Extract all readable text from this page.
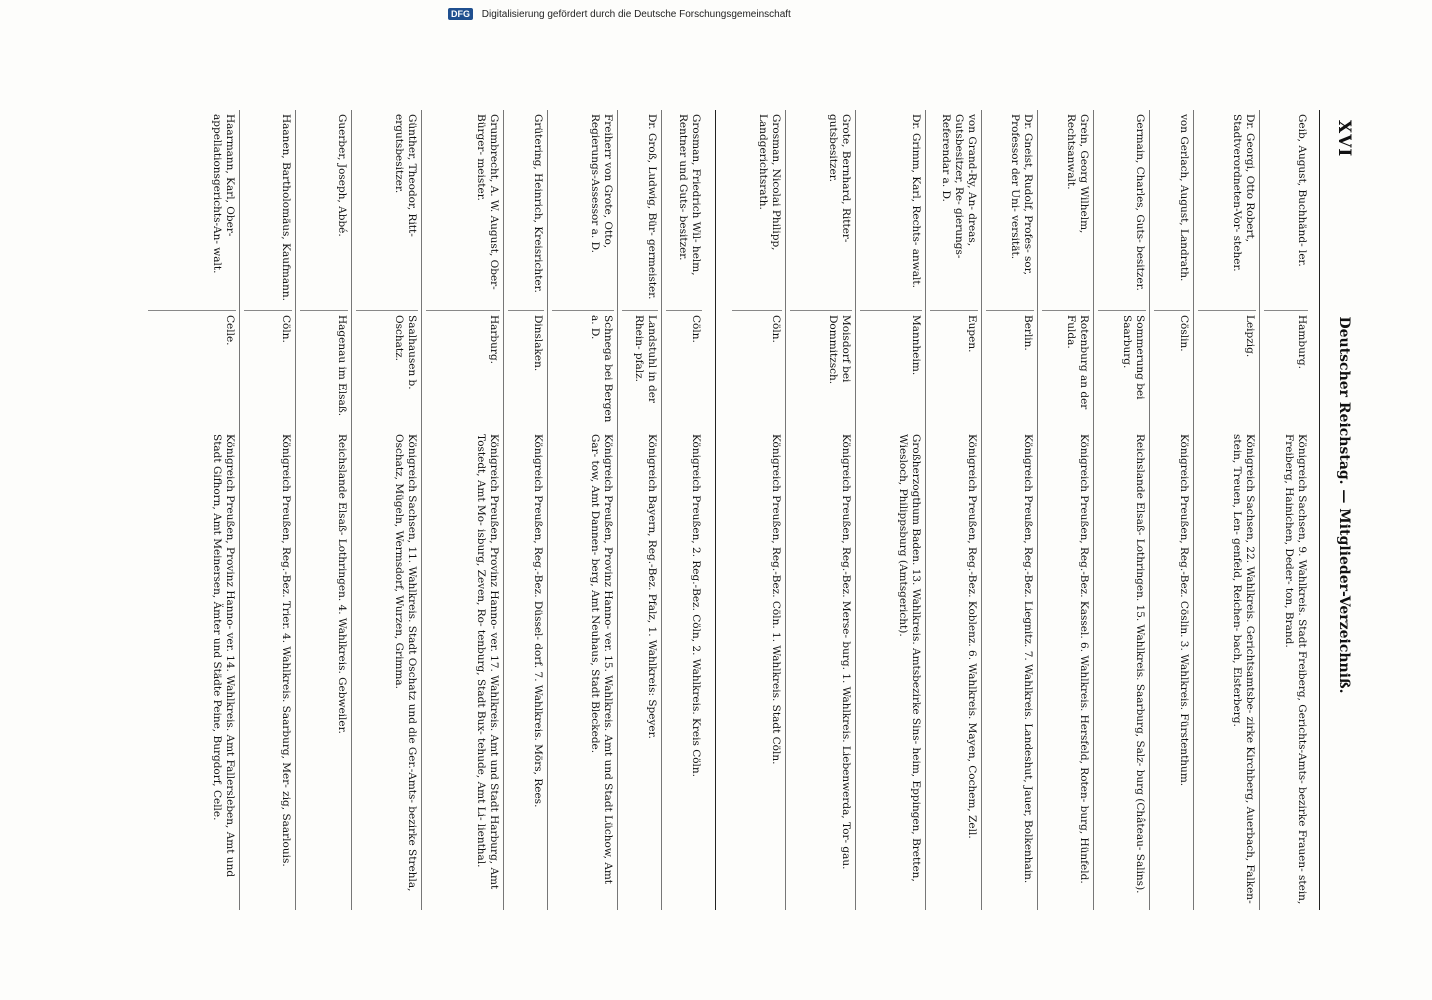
XVI
Deutscher Reichstag. — Mitglieder-Verzeichniß.
Geib, August, Buchhänd- ler.
Hamburg.
Königreich Sachsen, 9. Wahlkreis. Stadt Freiberg, Gerichts-Amts- bezirke Frauen- stein, Freiberg, Hainichen, Deder- ton, Brand.
Dr. Georgi, Otto Robert, Stadtverordneten-Vor- steher.
Leipzig.
Königreich Sachsen, 22. Wahlkreis. Gerichtsamtsbe- zirke Kirchberg, Auerbach, Falken- stein, Treuen, Len- genfeld, Reichen- bach, Elsterberg.
von Gerlach, August, Landrath.
Cöslin.
Königreich Preußen, Reg.-Bez. Cöslin. 3. Wahlkreis. Fürstenthum.
Germain, Charles, Guts- besitzer.
Sommerung bei Saarburg.
Reichslande Elsaß- Lothringen. 15. Wahlkreis. Saarburg, Salz- burg (Château- Salins).
Grein, Georg Wilhelm, Rechtsanwalt.
Rotenburg an der Fulda.
Königreich Preußen, Reg.-Bez. Kassel. 6. Wahlkreis. Hersfeld, Roten- burg, Hünfeld.
Dr. Gneist, Rudolf, Profes- sor, Professor der Uni- versität.
Berlin.
Königreich Preußen, Reg.-Bez. Liegnitz. 7. Wahlkreis. Landeshut, Jauer, Bolkenhain.
von Grand-Ry, An- dreas, Gutsbesitzer, Re- gierungs-Referendar a. D.
Eupen.
Königreich Preußen, Reg.-Bez. Koblenz. 6. Wahlkreis. Mayen, Cochem, Zell.
Dr. Grimm, Karl, Rechts- anwalt.
Mannheim.
Großherzogthum Baden. 13. Wahlkreis. Amtsbezirke Sins- heim, Eppingen, Bretten, Wiesloch, Philippsburg (Amtsgericht).
Grote, Bernhard, Ritter- gutsbesitzer.
Moisdorf bei Dommitzsch.
Königreich Preußen, Reg.-Bez. Merse- burg. 1. Wahlkreis. Liebenwerda, Tor- gau.
Grosman, Nicolai Philipp, Landgerichtsrath.
Cöln.
Königreich Preußen, Reg.-Bez. Cöln. 1. Wahlkreis. Stadt Cöln.
Grosman, Friedrich Wil- helm, Rentner und Guts- besitzer.
Cöln.
Königreich Preußen, 2. Reg.-Bez. Cöln, 2. Wahlkreis. Kreis Cöln.
Dr. Groß, Ludwig, Bür- germeister.
Landstuhl in der Rhein- pfalz.
Königreich Bayern, Reg.-Bez. Pfalz, 1. Wahlkreis: Speyer.
Freiherr von Grote, Otto, Regierungs-Assessor a. D.
Schnega bei Bergen a. D.
Königreich Preußen, Provinz Hanno- ver. 15. Wahlkreis. Amt und Stadt Lüchow, Amt Gar- tow, Amt Dannen- berg, Amt Neuhaus, Stadt Bleckede.
Grütering, Heinrich, Kreisrichter.
Dinslaken.
Königreich Preußen, Reg.-Bez. Düssel- dorf. 7. Wahlkreis. Mörs, Rees.
Grumbrecht, A. W. August, Ober-Bürger- meister.
Harburg.
Königreich Preußen, Provinz Hanno- ver. 17. Wahlkreis. Amt und Stadt Harburg, Amt Tostedt, Amt Mo- isburg, Zeven, Ro- tenburg, Stadt Bux- tehude, Amt Li- lienthal.
Günther, Theodor, Ritt- ergutsbesitzer.
Saalhausen b. Oschatz.
Königreich Sachsen, 11. Wahlkreis. Stadt Oschatz und die Ger.-Amts- bezirke Strehla, Oschatz, Mügeln, Wermsdorf, Wurzen, Grimma.
Guerber, Joseph, Abbé.
Hagenau im Elsaß.
Reichslande Elsaß- Lothringen. 4. Wahlkreis. Gebweiler.
Haanen, Bartholomäus, Kaufmann.
Cöln.
Königreich Preußen, Reg.-Bez. Trier. 4. Wahlkreis. Saarburg, Mer- zig, Saarlouis.
Haarmann, Karl, Ober- appellationsgerichts-An- walt.
Celle.
Königreich Preußen, Provinz Hanno- ver. 14. Wahlkreis. Amt Fallersleben, Amt und Stadt Gifhorn, Amt Meinersen, Ämter und Städte Peine, Burgdorf, Celle.
DFG Digitalisierung gefördert durch die Deutsche Forschungsgemeinschaft
